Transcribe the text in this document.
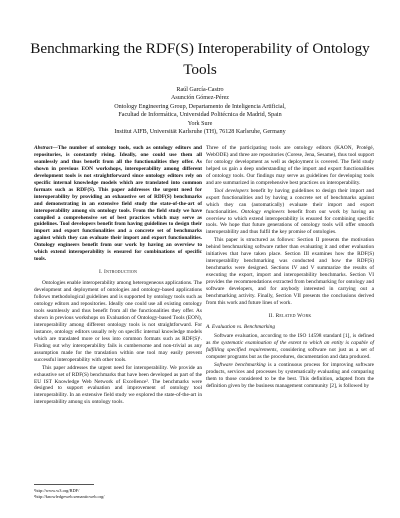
Benchmarking the RDF(S) Interoperability of Ontology Tools
Raúl García-Castro
Asunción Gómez-Pérez
Ontology Engineering Group, Departamento de Inteligencia Artificial,
Facultad de Informática, Universidad Politécnica de Madrid, Spain
York Sure
Institut AIFB, Universität Karlsruhe (TH), 76128 Karlsruhe, Germany
Abstract—The number of ontology tools, such as ontology editors and repositories, is constantly rising. Ideally, one could use them all seamlessly and thus benefit from all the functionalities they offer. As shown in previous EON workshops, interoperability among different development tools is not straightforward since ontology editors rely on specific internal knowledge models which are translated into common formats such as RDF(S). This paper addresses the urgent need for interoperability by providing an exhaustive set of RDF(S) benchmarks and demonstrating in an extensive field study the state-of-the-art of interoperability among six ontology tools. From the field study we have compiled a comprehensive set of best practices which may serve as guidelines. Tool developers benefit from having guidelines to design their import and export functionalities and a concrete set of benchmarks against which they can evaluate their import and export functionalities. Ontology engineers benefit from our work by having an overview to which extend interoperability is ensured for combinations of specific tools.
I. Introduction
Ontologies enable interoperability among heterogeneous applications. The development and deployment of ontologies and ontology-based applications follows methodological guidelines and is supported by ontology tools such as ontology editors and repositories. Ideally one could use all existing ontology tools seamlessly and thus benefit from all the functionalities they offer. As shown in previous workshops on Evaluation of Ontology-based Tools (EON), interoperability among different ontology tools is not straightforward. For instance, ontology editors usually rely on specific internal knowledge models which are translated more or less into common formats such as RDF(S)¹. Finding out why interoperability fails is cumbersome and non-trivial as any assumption made for the translation within one tool may easily prevent successful interoperability with other tools.
This paper addresses the urgent need for interoperability. We provide an exhaustive set of RDF(S) benchmarks that have been developed as part of the EU IST Knowledge Web Network of Excellence². The benchmarks were designed to support evaluation and improvement of ontology tool interoperability. In an extensive field study we explored the state-of-the-art in interoperability among six ontology tools.
¹http://www.w3.org/RDF/
²http://knowledgeweb.semanticweb.org/
Three of the participating tools are ontology editors (KAON, Protégé, WebODE) and three are repositories (Corese, Jena, Sesame), thus tool support for ontology development as well as deployment is covered. The field study helped us gain a deep understanding of the import and export functionalities of ontology tools. Our findings may serve as guidelines for developing tools and are summarized in comprehensive best practices on interoperability.
Tool developers benefit by having guidelines to design their import and export functionalities and by having a concrete set of benchmarks against which they can (automatically) evaluate their import and export functionalities. Ontology engineers benefit from our work by having an overview to which extend interoperability is ensured for combining specific tools. We hope that future generations of ontology tools will offer smooth interoperability and thus fulfil the key promise of ontologies.
This paper is structured as follows: Section II presents the motivation behind benchmarking software rather than evaluating it and other evaluation initiatives that have taken place. Section III examines how the RDF(S) interoperability benchmarking was conducted and how the RDF(S) benchmarks were designed. Sections IV and V summarize the results of executing the export, import and interoperability benchmarks. Section VI provides the recommendations extracted from benchmarking for ontology and software developers, and for anybody interested in carrying out a benchmarking activity. Finally, Section VII presents the conclusions derived from this work and future lines of work.
II. Related Work
A. Evaluation vs. Benchmarking
Software evaluation, according to the ISO 14598 standard [1], is defined as the systematic examination of the extent to which an entity is capable of fulfilling specified requirements, considering software not just as a set of computer programs but as the procedures, documentation and data produced.
Software benchmarking is a continuous process for improving software products, services and processes by systematically evaluating and comparing them to those considered to be the best. This definition, adapted from the definition given by the business management community [2], is followed by
